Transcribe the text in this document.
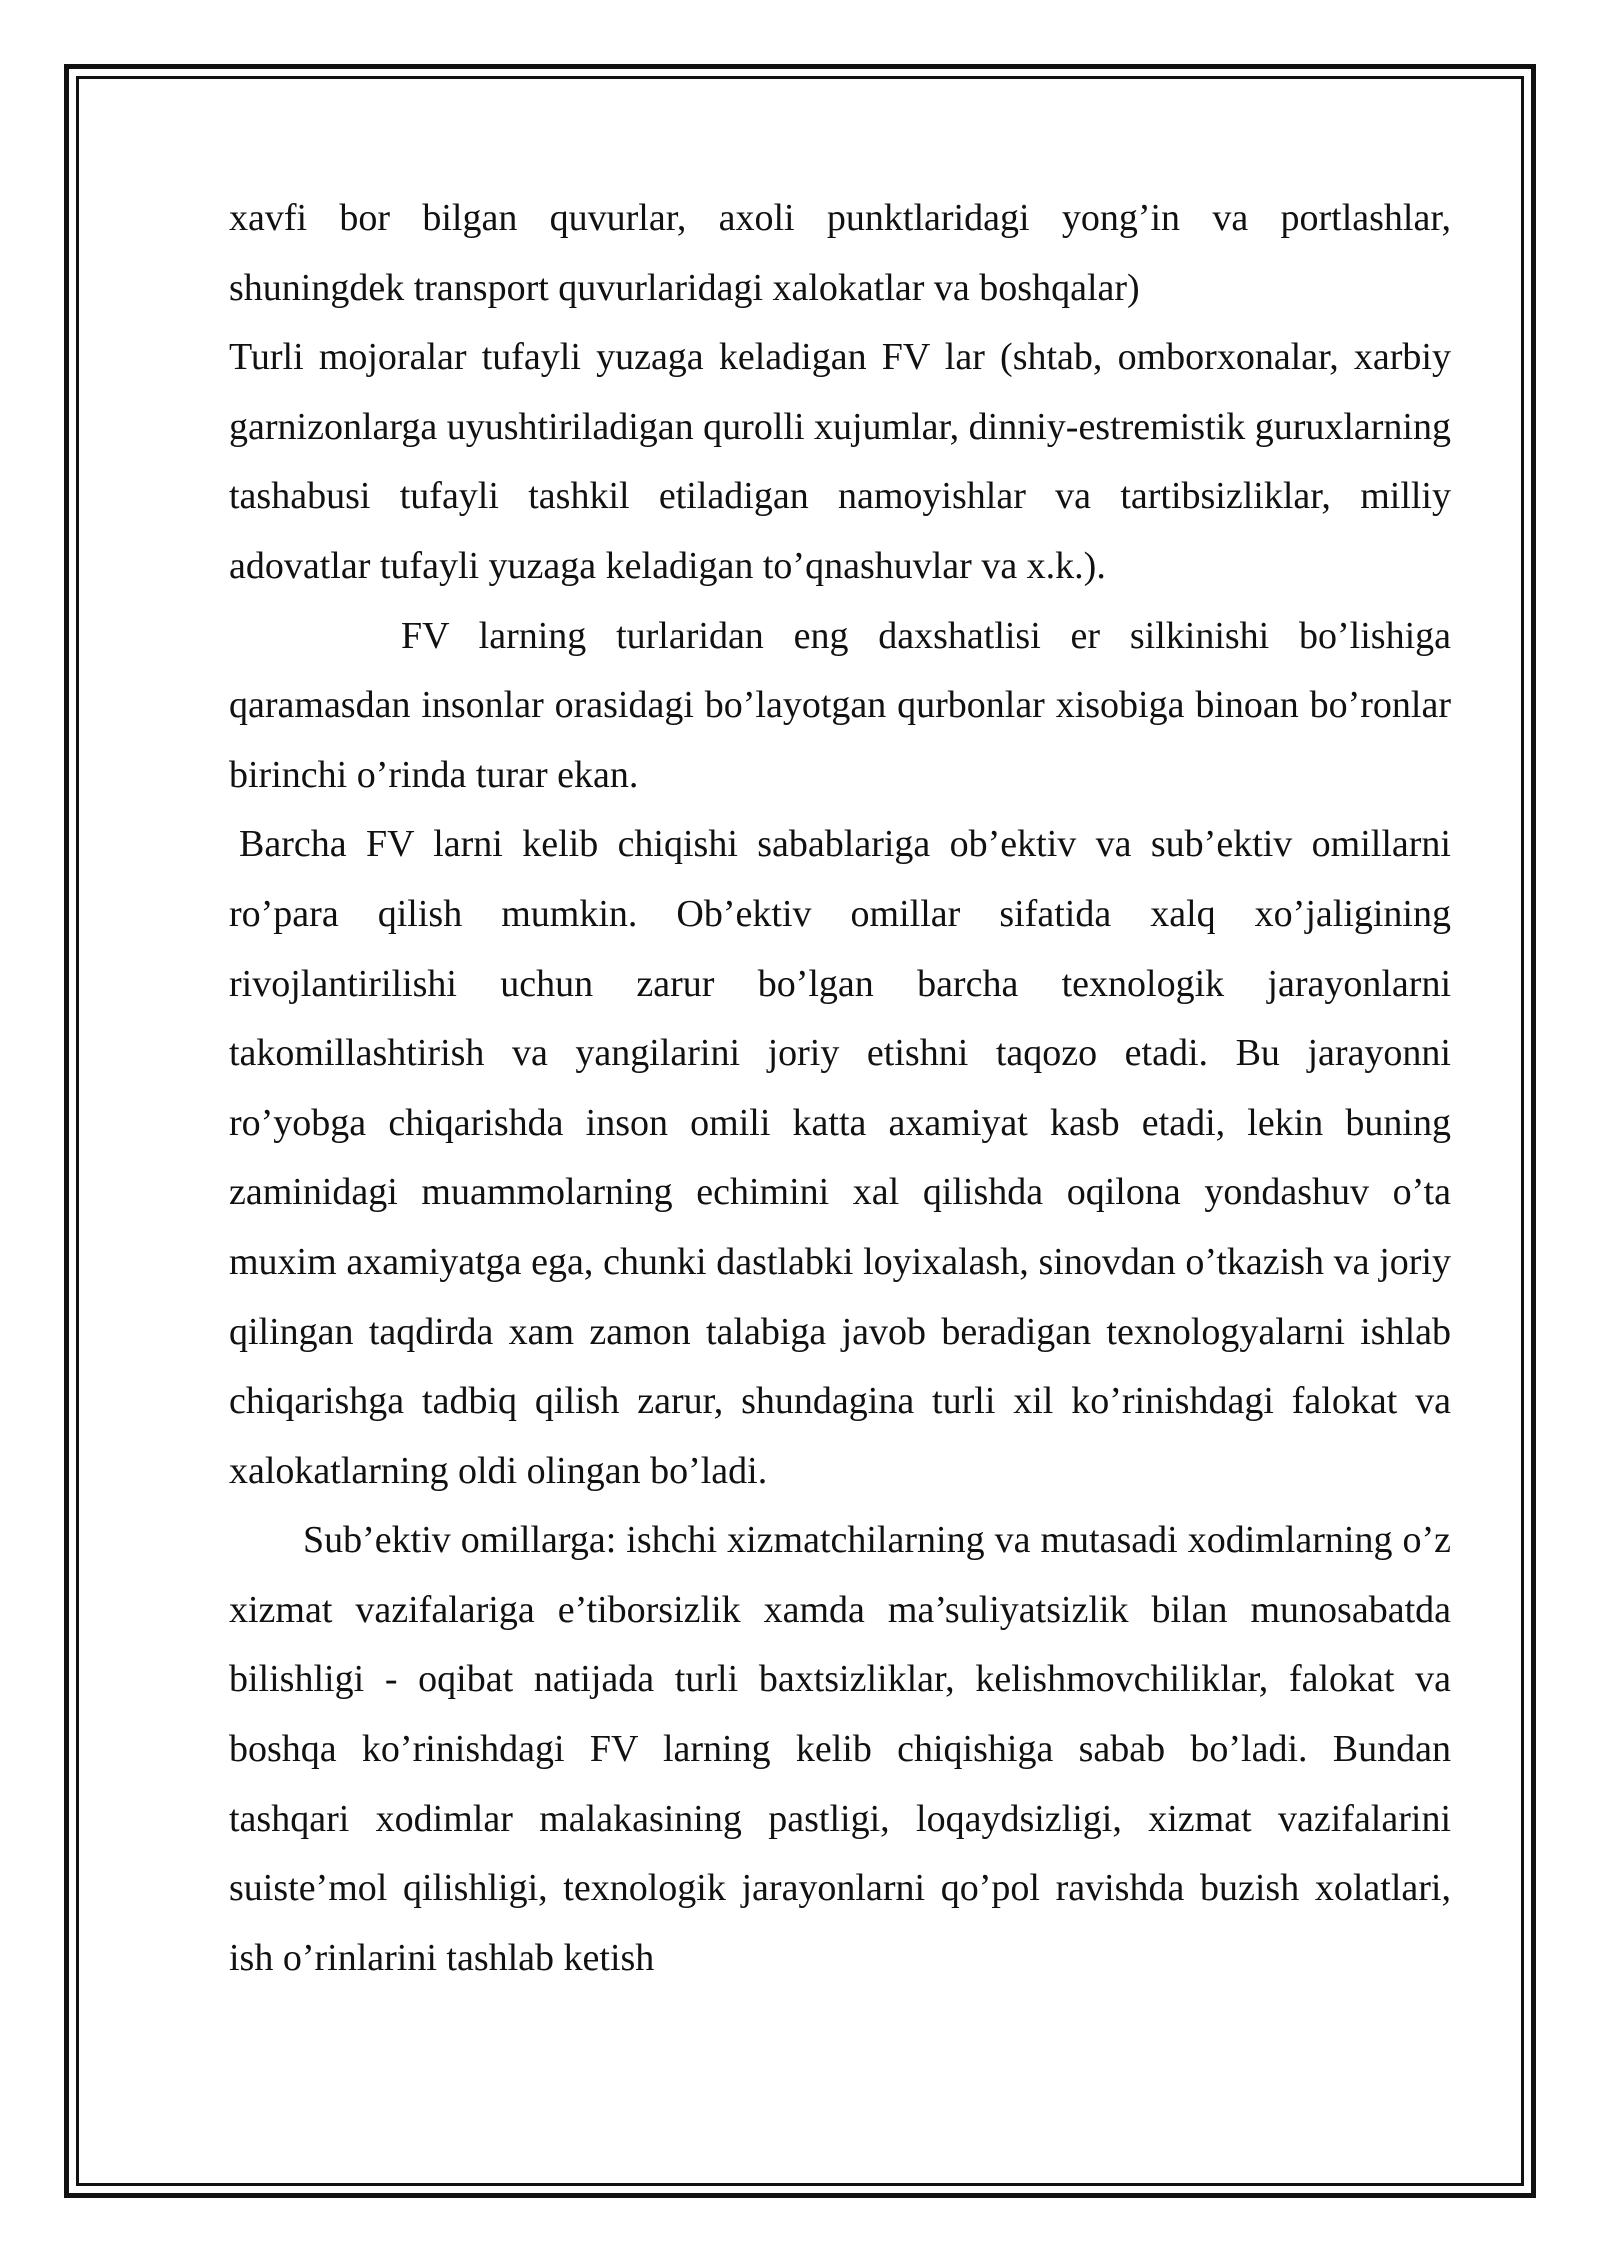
xavfi bor bilgan quvurlar, axoli punktlaridagi yong’in va portlashlar, shuningdek transport quvurlaridagi xalokatlar va boshqalar)

Turli mojoralar tufayli yuzaga keladigan FV lar (shtab, omborxonalar, xarbiy garnizonlarga uyushtiriladigan qurolli xujumlar, dinniy-estremistik guruxlarning tashabusi tufayli tashkil etiladigan namoyishlar va tartibsizliklar, milliy adovatlar tufayli yuzaga keladigan to’qnashuvlar va x.k.).

FV larning turlaridan eng daxshatlisi er silkinishi bo’lishiga qaramasdan insonlar orasidagi bo’layotgan qurbonlar xisobiga binoan bo’ronlar birinchi o’rinda turar ekan.

Barcha FV larni kelib chiqishi sabablariga ob’ektiv va sub’ektiv omillarni ro’para qilish mumkin. Ob’ektiv omillar sifatida xalq xo’jaligining rivojlantirilishi uchun zarur bo’lgan barcha texnologik jarayonlarni takomillashtirish va yangilarini joriy etishni taqozo etadi. Bu jarayonni ro’yobga chiqarishda inson omili katta axamiyat kasb etadi, lekin buning zaminidagi muammolarning echimini xal qilishda oqilona yondashuv o’ta muxim axamiyatga ega, chunki dastlabki loyixalash, sinovdan o’tkazish va joriy qilingan taqdirda xam zamon talabiga javob beradigan texnologyalarni ishlab chiqarishga tadbiq qilish zarur, shundagina turli xil ko’rinishdagi falokat va xalokatlarning oldi olingan bo’ladi.

Sub’ektiv omillarga: ishchi xizmatchilarning va mutasadi xodimlarning o’z xizmat vazifalariga e’tiborsizlik xamda ma’suliyatsizlik bilan munosabatda bilishligi - oqibat natijada turli baxtsizliklar, kelishmovchiliklar, falokat va boshqa ko’rinishdagi FV larning kelib chiqishiga sabab bo’ladi. Bundan tashqari xodimlar malakasining pastligi, loqaydsizligi, xizmat vazifalarini suiste’mol qilishligi, texnologik jarayonlarni qo’pol ravishda buzish xolatlari, ish o’rinlarini tashlab ketish
